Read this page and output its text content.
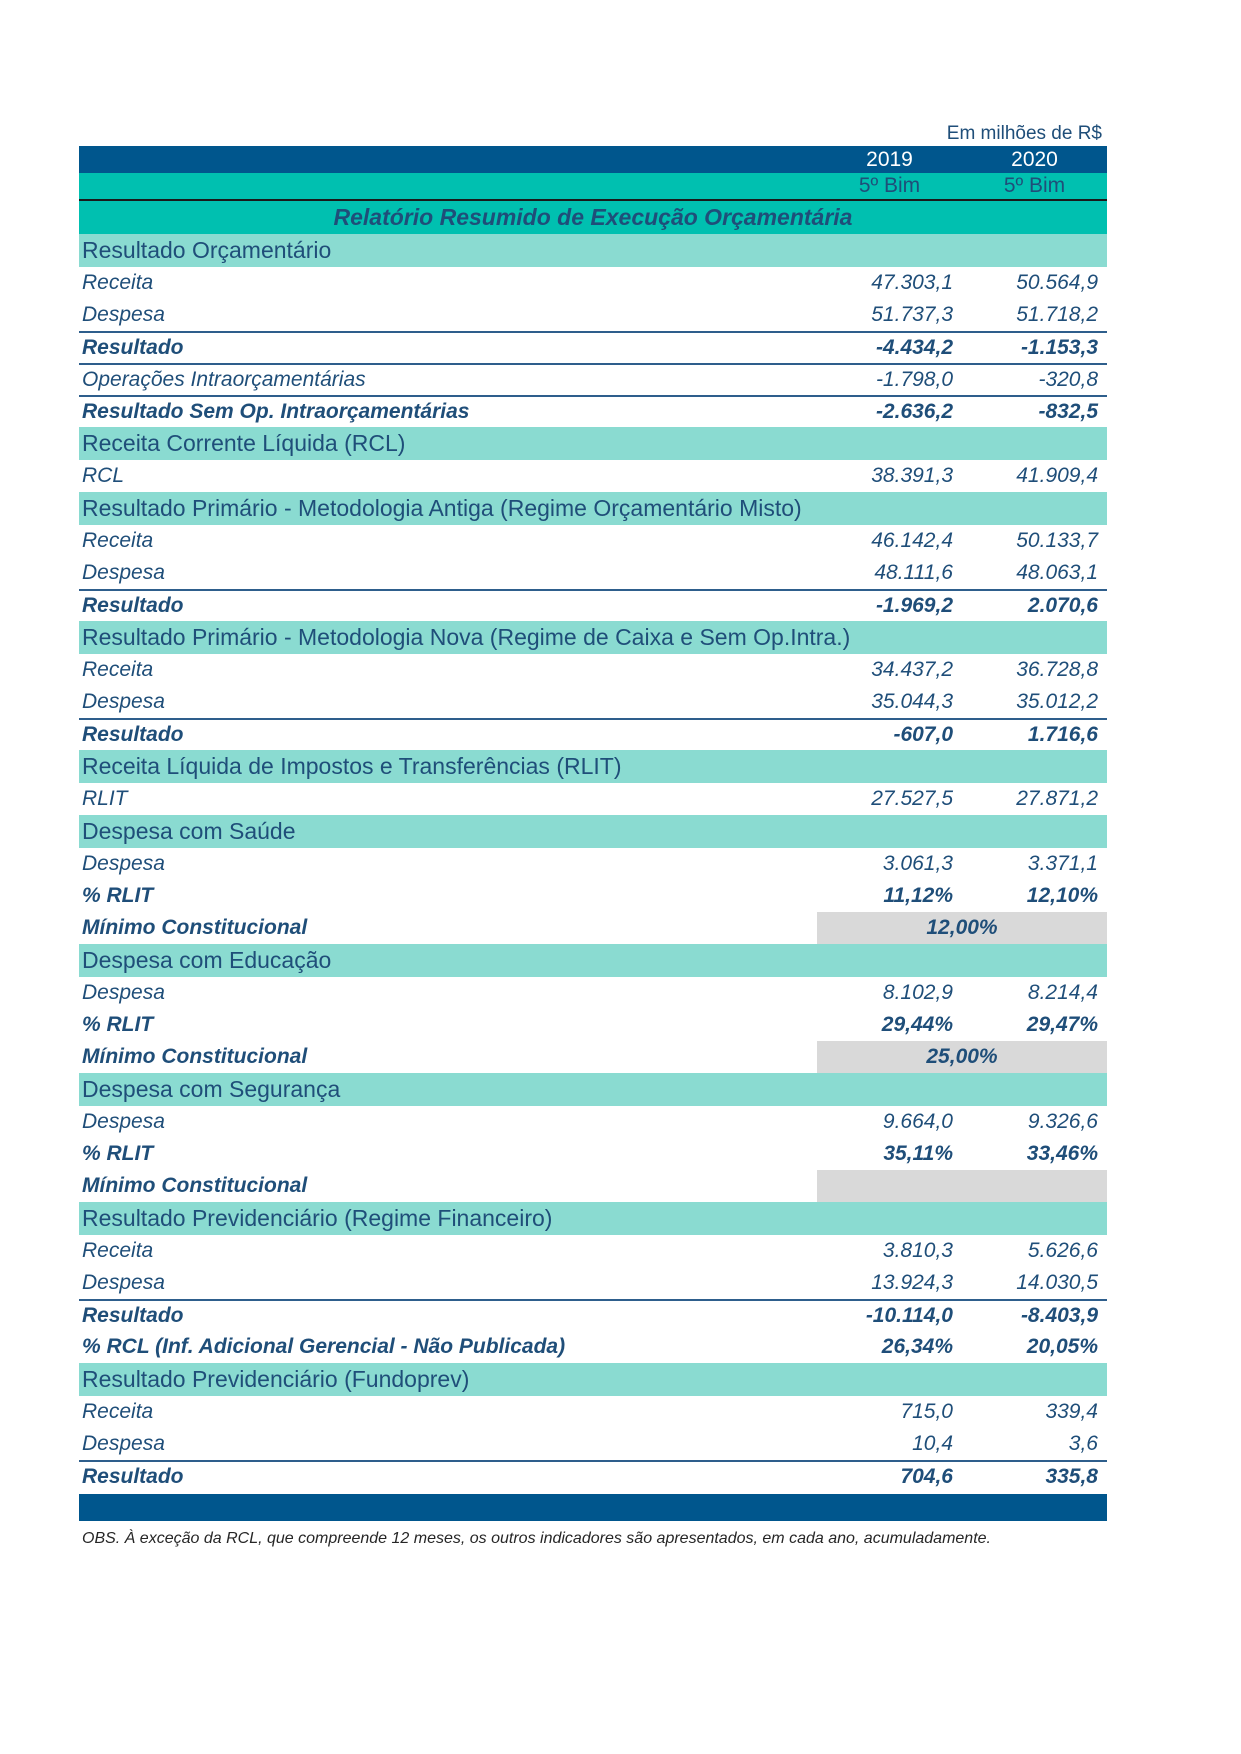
Em milhões de R$
2019	2020
5º Bim	5º Bim
Relatório Resumido de Execução Orçamentária
Resultado Orçamentário
Receita	47.303,1	50.564,9
Despesa	51.737,3	51.718,2
Resultado	-4.434,2	-1.153,3
Operações Intraorçamentárias	-1.798,0	-320,8
Resultado Sem Op. Intraorçamentárias	-2.636,2	-832,5
Receita Corrente Líquida (RCL)
RCL	38.391,3	41.909,4
Resultado Primário - Metodologia Antiga (Regime Orçamentário Misto)
Receita	46.142,4	50.133,7
Despesa	48.111,6	48.063,1
Resultado	-1.969,2	2.070,6
Resultado Primário - Metodologia Nova (Regime de Caixa e Sem Op.Intra.)
Receita	34.437,2	36.728,8
Despesa	35.044,3	35.012,2
Resultado	-607,0	1.716,6
Receita Líquida de Impostos e Transferências (RLIT)
RLIT	27.527,5	27.871,2
Despesa com Saúde
Despesa	3.061,3	3.371,1
% RLIT	11,12%	12,10%
Mínimo Constitucional	12,00%
Despesa com Educação
Despesa	8.102,9	8.214,4
% RLIT	29,44%	29,47%
Mínimo Constitucional	25,00%
Despesa com Segurança
Despesa	9.664,0	9.326,6
% RLIT	35,11%	33,46%
Mínimo Constitucional
Resultado Previdenciário (Regime Financeiro)
Receita	3.810,3	5.626,6
Despesa	13.924,3	14.030,5
Resultado	-10.114,0	-8.403,9
% RCL (Inf. Adicional Gerencial - Não Publicada)	26,34%	20,05%
Resultado Previdenciário (Fundoprev)
Receita	715,0	339,4
Despesa	10,4	3,6
Resultado	704,6	335,8
OBS. À exceção da RCL, que compreende 12 meses, os outros indicadores são apresentados, em cada ano, acumuladamente.
